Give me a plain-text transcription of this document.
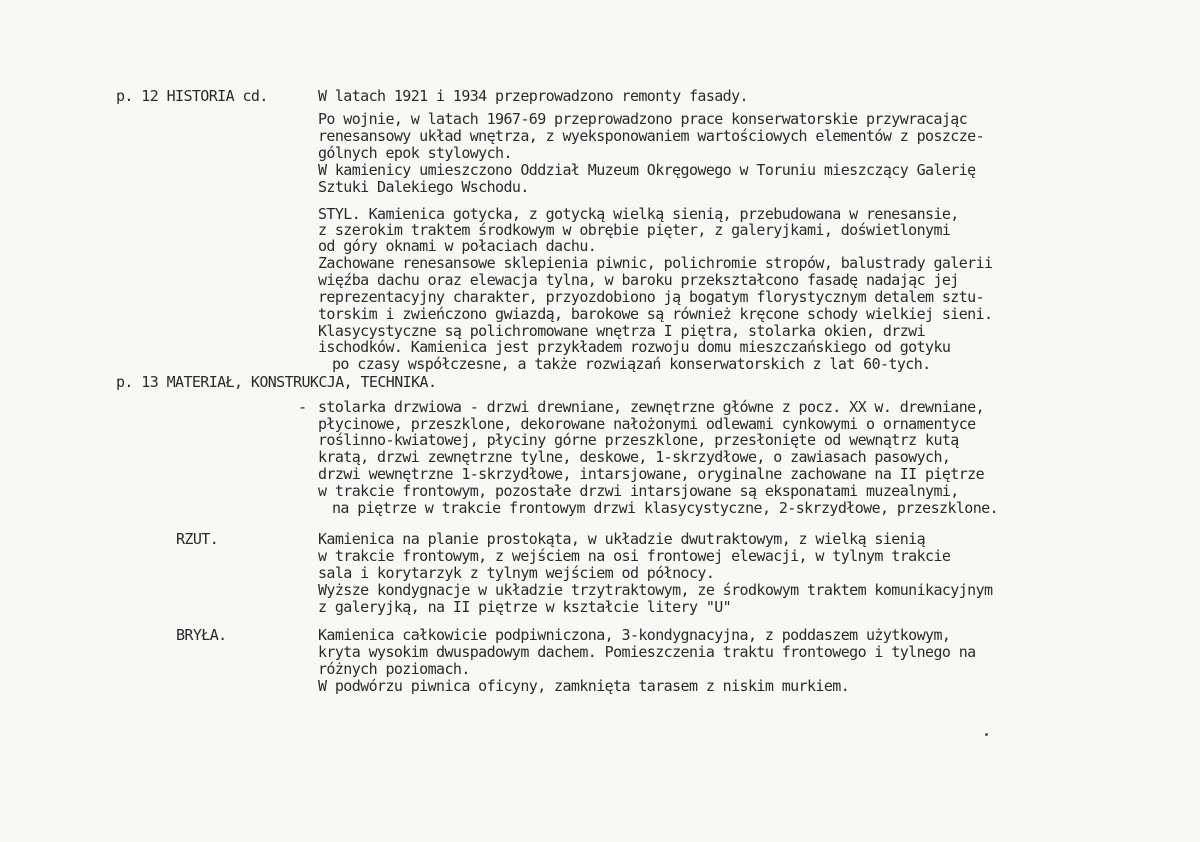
p. 12 HISTORIA cd.	W latach 1921 i 1934 przeprowadzono remonty fasady.
Po wojnie, w latach 1967-69 przeprowadzono prace konserwatorskie przywracając
renesansowy układ wnętrza, z wyeksponowaniem wartościowych elementów z poszcze-
gólnych epok stylowych.
W kamienicy umieszczono Oddział Muzeum Okręgowego w Toruniu mieszczący Galerię
Sztuki Dalekiego Wschodu.
STYL. Kamienica gotycka, z gotycką wielką sienią, przebudowana w renesansie,
z szerokim traktem środkowym w obrębie pięter, z galeryjkami, doświetlonymi
od góry oknami w połaciach dachu.
Zachowane renesansowe sklepienia piwnic, polichromie stropów, balustrady galerii
więźba dachu oraz elewacja tylna, w baroku przekształcono fasadę nadając jej
reprezentacyjny charakter, przyozdobiono ją bogatym florystycznym detalem sztu-
torskim i zwieńczono gwiazdą, barokowe są również kręcone schody wielkiej sieni.
Klasycystyczne są polichromowane wnętrza I piętra, stolarka okien, drzwi
ischodków. Kamienica jest przykładem rozwoju domu mieszczańskiego od gotyku
po czasy współczesne, a także rozwiązań konserwatorskich z lat 60-tych.
p. 13 MATERIAŁ, KONSTRUKCJA, TECHNIKA.
- stolarka drzwiowa - drzwi drewniane, zewnętrzne główne z pocz. XX w. drewniane,
płycinowe, przeszklone, dekorowane nałożonymi odlewami cynkowymi o ornamentyce
roślinno-kwiatowej, płyciny górne przeszklone, przesłonięte od wewnątrz kutą
kratą, drzwi zewnętrzne tylne, deskowe, 1-skrzydłowe, o zawiasach pasowych,
drzwi wewnętrzne 1-skrzydłowe, intarsjowane, oryginalne zachowane na II piętrze
w trakcie frontowym, pozostałe drzwi intarsjowane są eksponatami muzealnymi,
na piętrze w trakcie frontowym drzwi klasycystyczne, 2-skrzydłowe, przeszklone.
RZUT.	Kamienica na planie prostokąta, w układzie dwutraktowym, z wielką sienią
w trakcie frontowym, z wejściem na osi frontowej elewacji, w tylnym trakcie
sala i korytarzyk z tylnym wejściem od północy.
Wyższe kondygnacje w układzie trzytraktowym, ze środkowym traktem komunikacyjnym
z galeryjką, na II piętrze w kształcie litery "U"
BRYŁA.	Kamienica całkowicie podpiwniczona, 3-kondygnacyjna, z poddaszem użytkowym,
kryta wysokim dwuspadowym dachem. Pomieszczenia traktu frontowego i tylnego na
różnych poziomach.
W podwórzu piwnica oficyny, zamknięta tarasem z niskim murkiem.
